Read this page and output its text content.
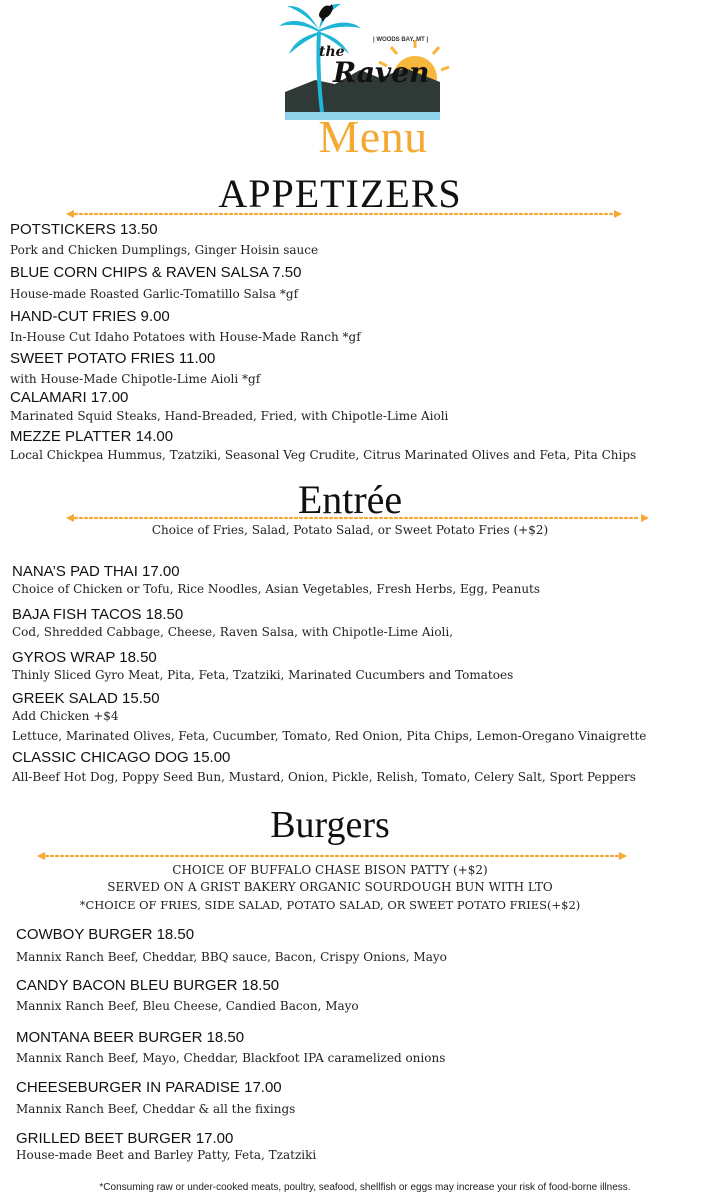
| WOODS BAY, MT |
the
Raven
Menu
APPETIZERS
POTSTICKERS 13.50
Pork and Chicken Dumplings, Ginger Hoisin sauce
BLUE CORN CHIPS & RAVEN SALSA 7.50
House-made Roasted Garlic-Tomatillo Salsa *gf
HAND-CUT FRIES 9.00
In-House Cut Idaho Potatoes with House-Made Ranch *gf
SWEET POTATO FRIES 11.00
with House-Made Chipotle-Lime Aioli *gf
CALAMARI 17.00
Marinated Squid Steaks, Hand-Breaded, Fried, with Chipotle-Lime Aioli
MEZZE PLATTER 14.00
Local Chickpea Hummus, Tzatziki, Seasonal Veg Crudite, Citrus Marinated Olives and Feta, Pita Chips
Entrée
Choice of Fries, Salad, Potato Salad, or Sweet Potato Fries (+$2)
NANA’S PAD THAI 17.00
Choice of Chicken or Tofu, Rice Noodles, Asian Vegetables, Fresh Herbs, Egg, Peanuts
BAJA FISH TACOS 18.50
Cod, Shredded Cabbage, Cheese, Raven Salsa, with Chipotle-Lime Aioli,
GYROS WRAP 18.50
Thinly Sliced Gyro Meat, Pita, Feta, Tzatziki, Marinated Cucumbers and Tomatoes
GREEK SALAD 15.50
Add Chicken +$4
Lettuce, Marinated Olives, Feta, Cucumber, Tomato, Red Onion, Pita Chips, Lemon-Oregano Vinaigrette
CLASSIC CHICAGO DOG 15.00
All-Beef Hot Dog, Poppy Seed Bun, Mustard, Onion, Pickle, Relish, Tomato, Celery Salt, Sport Peppers
Burgers
CHOICE OF BUFFALO CHASE BISON PATTY (+$2)
SERVED ON A GRIST BAKERY ORGANIC SOURDOUGH BUN WITH LTO
*CHOICE OF FRIES, SIDE SALAD, POTATO SALAD, OR SWEET POTATO FRIES(+$2)
COWBOY BURGER 18.50
Mannix Ranch Beef, Cheddar, BBQ sauce, Bacon, Crispy Onions, Mayo
CANDY BACON BLEU BURGER 18.50
Mannix Ranch Beef, Bleu Cheese, Candied Bacon, Mayo
MONTANA BEER BURGER 18.50
Mannix Ranch Beef, Mayo, Cheddar, Blackfoot IPA caramelized onions
CHEESEBURGER IN PARADISE 17.00
Mannix Ranch Beef, Cheddar & all the fixings
GRILLED BEET BURGER 17.00
House-made Beet and Barley Patty, Feta, Tzatziki
*Consuming raw or under-cooked meats, poultry, seafood, shellfish or eggs may increase your risk of food-borne illness.
